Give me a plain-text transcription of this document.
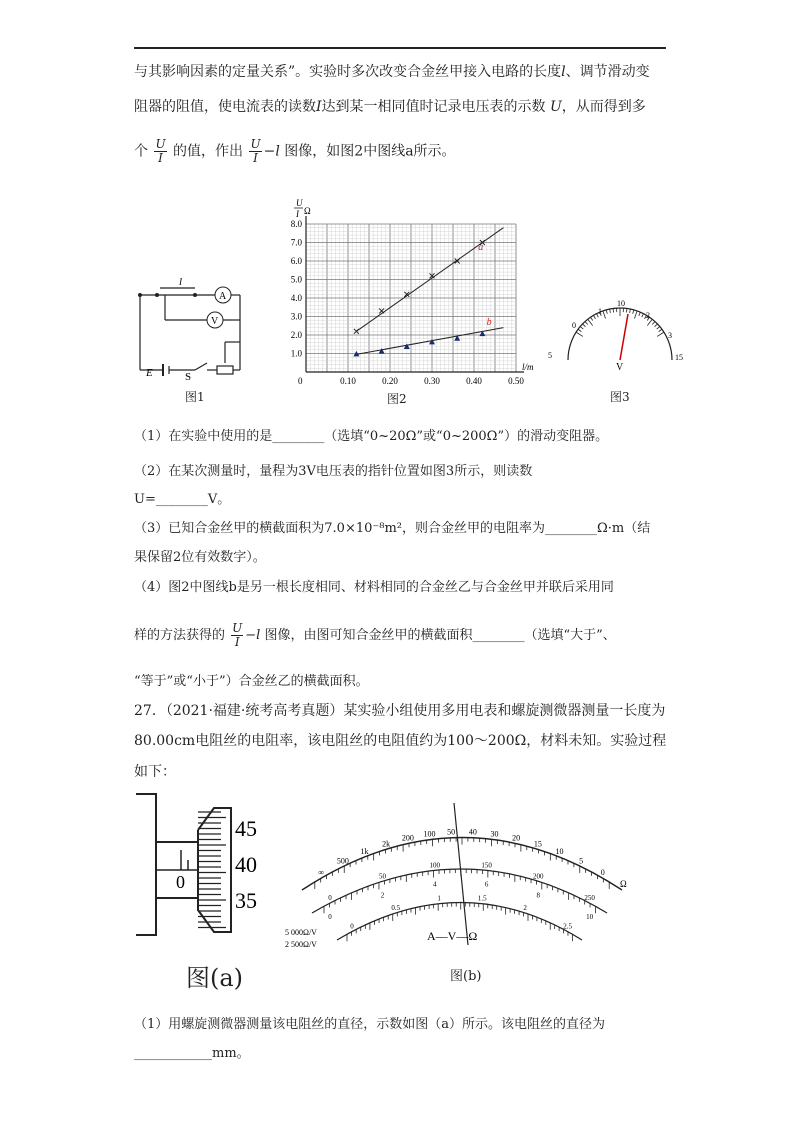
与其影响因素的定量关系”。实验时多次改变合金丝甲接入电路的长度l、调节滑动变
阻器的阻值，使电流表的读数I达到某一相同值时记录电压表的示数 U，从而得到多
个 $\frac{U}{I}$ 的值，作出 $\frac{U}{I} -l$ 图像，如图2中图线a所示。
l
A
V
E	S
图1
1.0
2.0
3.0
4.0
5.0
6.0
7.0
8.0
0.10	0.20	0.30	0.40	0.50
0
l/m
U
I Ω
a
b
图2
0
1	2
3
5
10
15
V
图3
（1）在实验中使用的是________（选填“0~20Ω”或“0~200Ω”）的滑动变阻器。
（2）在某次测量时，量程为3V电压表的指针位置如图3所示，则读数
U=________V。
（3）已知合金丝甲的横截面积为7.0×10⁻⁸m²，则合金丝甲的电阻率为________Ω·m（结
果保留2位有效数字）。
（4）图2中图线b是另一根长度相同、材料相同的合金丝乙与合金丝甲并联后采用同
样的方法获得的 $\frac{U}{I} -l$ 图像，由图可知合金丝甲的横截面积________（选填“大于”、
“等于”或“小于”）合金丝乙的横截面积。
27．（2021·福建·统考高考真题）某实验小组使用多用电表和螺旋测微器测量一长度为
80.00cm电阻丝的电阻率，该电阻丝的电阻值约为100～200Ω，材料未知。实验过程
如下：
45
40
35
0
图(a)
∞
500
1k
2k
200 100 50 40 30 20
15
10
5
0
0
50
100	150
200
250
0
2
4	6
8
10
0
0.5
1	1.5
2
2.5
Ω
5 000Ω/V
2 500Ω/V
A—V—Ω
图(b)
（1）用螺旋测微器测量该电阻丝的直径，示数如图（a）所示。该电阻丝的直径为
____________mm。
